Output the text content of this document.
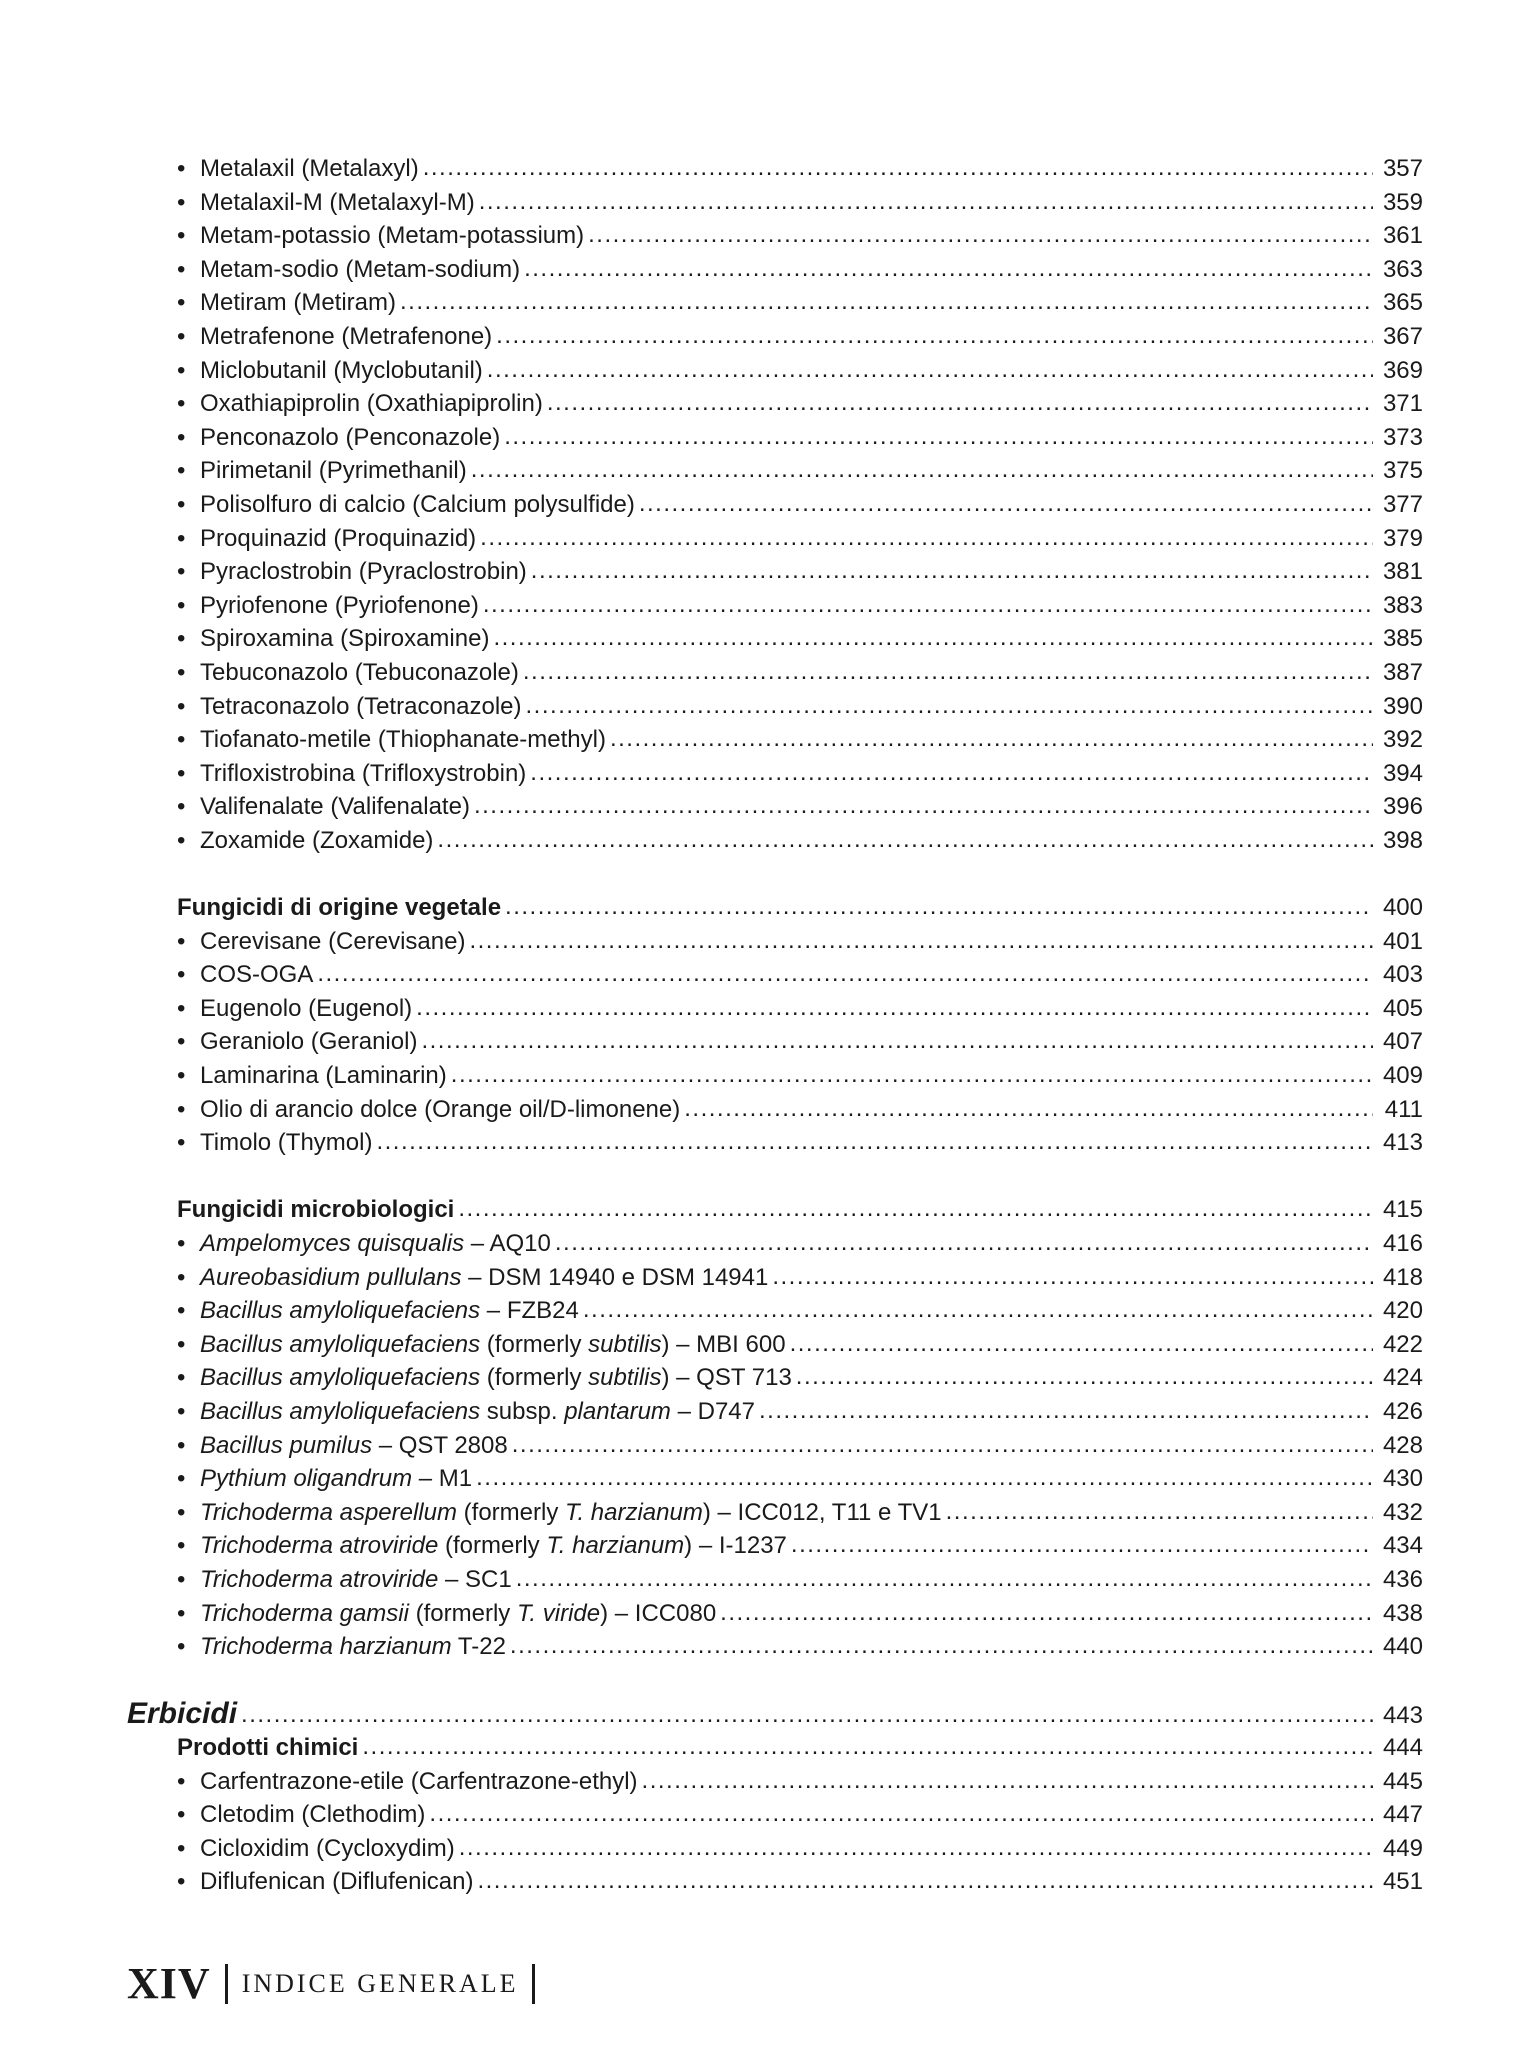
• Metalaxil (Metalaxyl) .....	357
• Metalaxil-M (Metalaxyl-M) .....	359
• Metam-potassio (Metam-potassium) .....	361
• Metam-sodio (Metam-sodium) .....	363
• Metiram (Metiram) .....	365
• Metrafenone (Metrafenone) .....	367
• Miclobutanil (Myclobutanil) .....	369
• Oxathiapiprolin (Oxathiapiprolin) .....	371
• Penconazolo (Penconazole) .....	373
• Pirimetanil (Pyrimethanil) .....	375
• Polisolfuro di calcio (Calcium polysulfide) .....	377
• Proquinazid (Proquinazid) .....	379
• Pyraclostrobin (Pyraclostrobin) .....	381
• Pyriofenone (Pyriofenone) .....	383
• Spiroxamina (Spiroxamine) .....	385
• Tebuconazolo (Tebuconazole) .....	387
• Tetraconazolo (Tetraconazole) .....	390
• Tiofanato-metile (Thiophanate-methyl) .....	392
• Trifloxistrobina (Trifloxystrobin) .....	394
• Valifenalate (Valifenalate) .....	396
• Zoxamide (Zoxamide) .....	398
Fungicidi di origine vegetale .....	400
• Cerevisane (Cerevisane) .....	401
• COS-OGA .....	403
• Eugenolo (Eugenol) .....	405
• Geraniolo (Geraniol) .....	407
• Laminarina (Laminarin) .....	409
• Olio di arancio dolce (Orange oil/D-limonene) .....	411
• Timolo (Thymol) .....	413
Fungicidi microbiologici .....	415
• Ampelomyces quisqualis – AQ10 .....	416
• Aureobasidium pullulans – DSM 14940 e DSM 14941 .....	418
• Bacillus amyloliquefaciens – FZB24 .....	420
• Bacillus amyloliquefaciens (formerly subtilis) – MBI 600 .....	422
• Bacillus amyloliquefaciens (formerly subtilis) – QST 713 .....	424
• Bacillus amyloliquefaciens subsp. plantarum – D747 .....	426
• Bacillus pumilus – QST 2808 .....	428
• Pythium oligandrum – M1 .....	430
• Trichoderma asperellum (formerly T. harzianum) – ICC012, T11 e TV1 .....	432
• Trichoderma atroviride (formerly T. harzianum) – I-1237 .....	434
• Trichoderma atroviride – SC1 .....	436
• Trichoderma gamsii (formerly T. viride) – ICC080 .....	438
• Trichoderma harzianum T-22 .....	440
Erbicidi .....	443
Prodotti chimici .....	444
• Carfentrazone-etile (Carfentrazone-ethyl) .....	445
• Cletodim (Clethodim) .....	447
• Cicloxidim (Cycloxydim) .....	449
• Diflufenican (Diflufenican) .....	451
XIV INDICE GENERALE
